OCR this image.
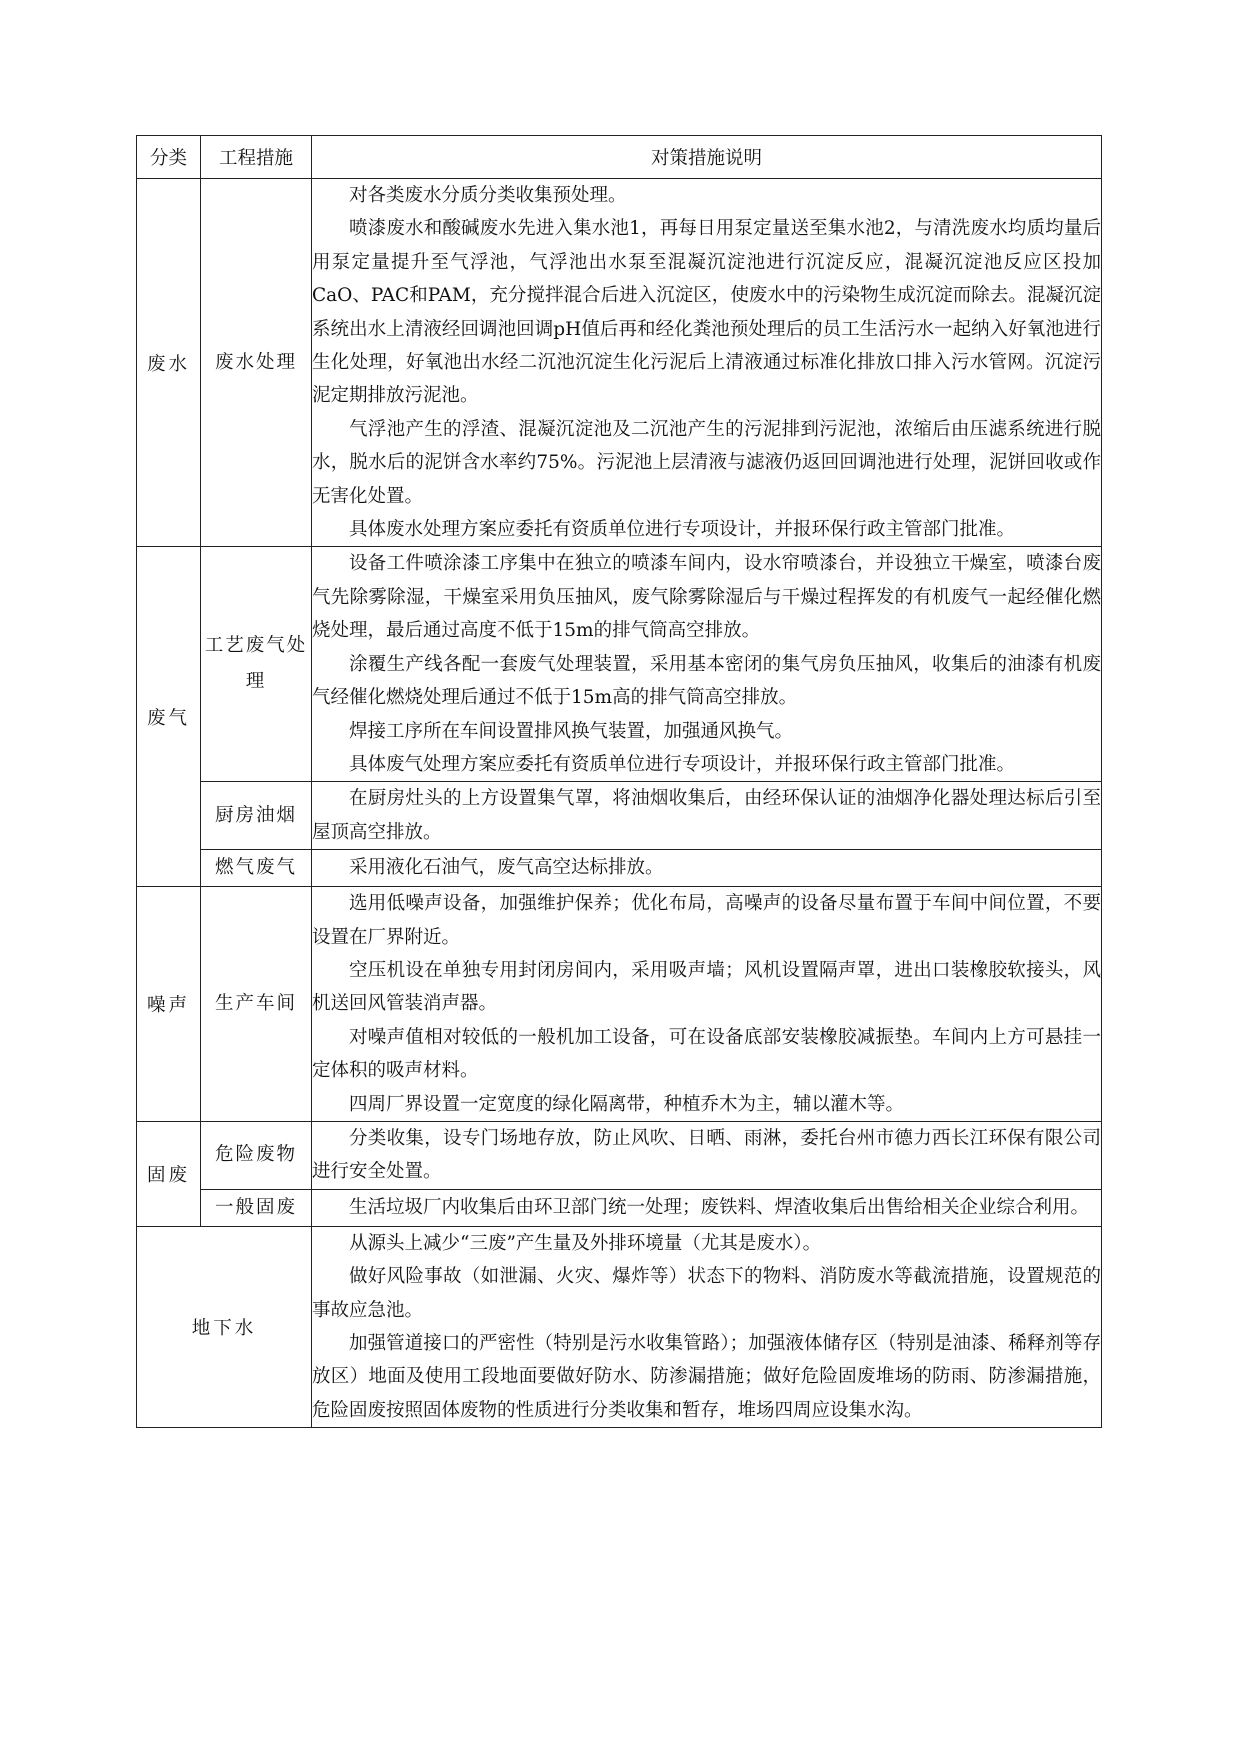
分类	工程措施	对策措施说明
废水	废水处理	对各类废水分质分类收集预处理。

喷漆废水和酸碱废水先进入集水池1，再每日用泵定量送至集水池2，与清洗废水均质均量后用泵定量提升至气浮池，气浮池出水泵至混凝沉淀池进行沉淀反应，混凝沉淀池反应区投加CaO、PAC和PAM，充分搅拌混合后进入沉淀区，使废水中的污染物生成沉淀而除去。混凝沉淀系统出水上清液经回调池回调pH值后再和经化粪池预处理后的员工生活污水一起纳入好氧池进行生化处理，好氧池出水经二沉池沉淀生化污泥后上清液通过标准化排放口排入污水管网。沉淀污泥定期排放污泥池。

气浮池产生的浮渣、混凝沉淀池及二沉池产生的污泥排到污泥池，浓缩后由压滤系统进行脱水，脱水后的泥饼含水率约75%。污泥池上层清液与滤液仍返回回调池进行处理，泥饼回收或作无害化处置。

具体废水处理方案应委托有资质单位进行专项设计，并报环保行政主管部门批准。

废气	工艺废气处理	设备工件喷涂漆工序集中在独立的喷漆车间内，设水帘喷漆台，并设独立干燥室，喷漆台废气先除雾除湿，干燥室采用负压抽风，废气除雾除湿后与干燥过程挥发的有机废气一起经催化燃烧处理，最后通过高度不低于15m的排气筒高空排放。

涂覆生产线各配一套废气处理装置，采用基本密闭的集气房负压抽风，收集后的油漆有机废气经催化燃烧处理后通过不低于15m高的排气筒高空排放。

焊接工序所在车间设置排风换气装置，加强通风换气。

具体废气处理方案应委托有资质单位进行专项设计，并报环保行政主管部门批准。

	厨房油烟	在厨房灶头的上方设置集气罩，将油烟收集后，由经环保认证的油烟净化器处理达标后引至屋顶高空排放。

	燃气废气	采用液化石油气，废气高空达标排放。

噪声	生产车间	选用低噪声设备，加强维护保养；优化布局，高噪声的设备尽量布置于车间中间位置，不要设置在厂界附近。

空压机设在单独专用封闭房间内，采用吸声墙；风机设置隔声罩，进出口装橡胶软接头，风机送回风管装消声器。

对噪声值相对较低的一般机加工设备，可在设备底部安装橡胶减振垫。车间内上方可悬挂一定体积的吸声材料。

四周厂界设置一定宽度的绿化隔离带，种植乔木为主，辅以灌木等。

固废	危险废物	分类收集，设专门场地存放，防止风吹、日晒、雨淋，委托台州市德力西长江环保有限公司进行安全处置。

	一般固废	生活垃圾厂内收集后由环卫部门统一处理；废铁料、焊渣收集后出售给相关企业综合利用。

地下水		从源头上减少“三废”产生量及外排环境量（尤其是废水）。

做好风险事故（如泄漏、火灾、爆炸等）状态下的物料、消防废水等截流措施，设置规范的事故应急池。

加强管道接口的严密性（特别是污水收集管路）；加强液体储存区（特别是油漆、稀释剂等存放区）地面及使用工段地面要做好防水、防渗漏措施；做好危险固废堆场的防雨、防渗漏措施，危险固废按照固体废物的性质进行分类收集和暂存，堆场四周应设集水沟。
